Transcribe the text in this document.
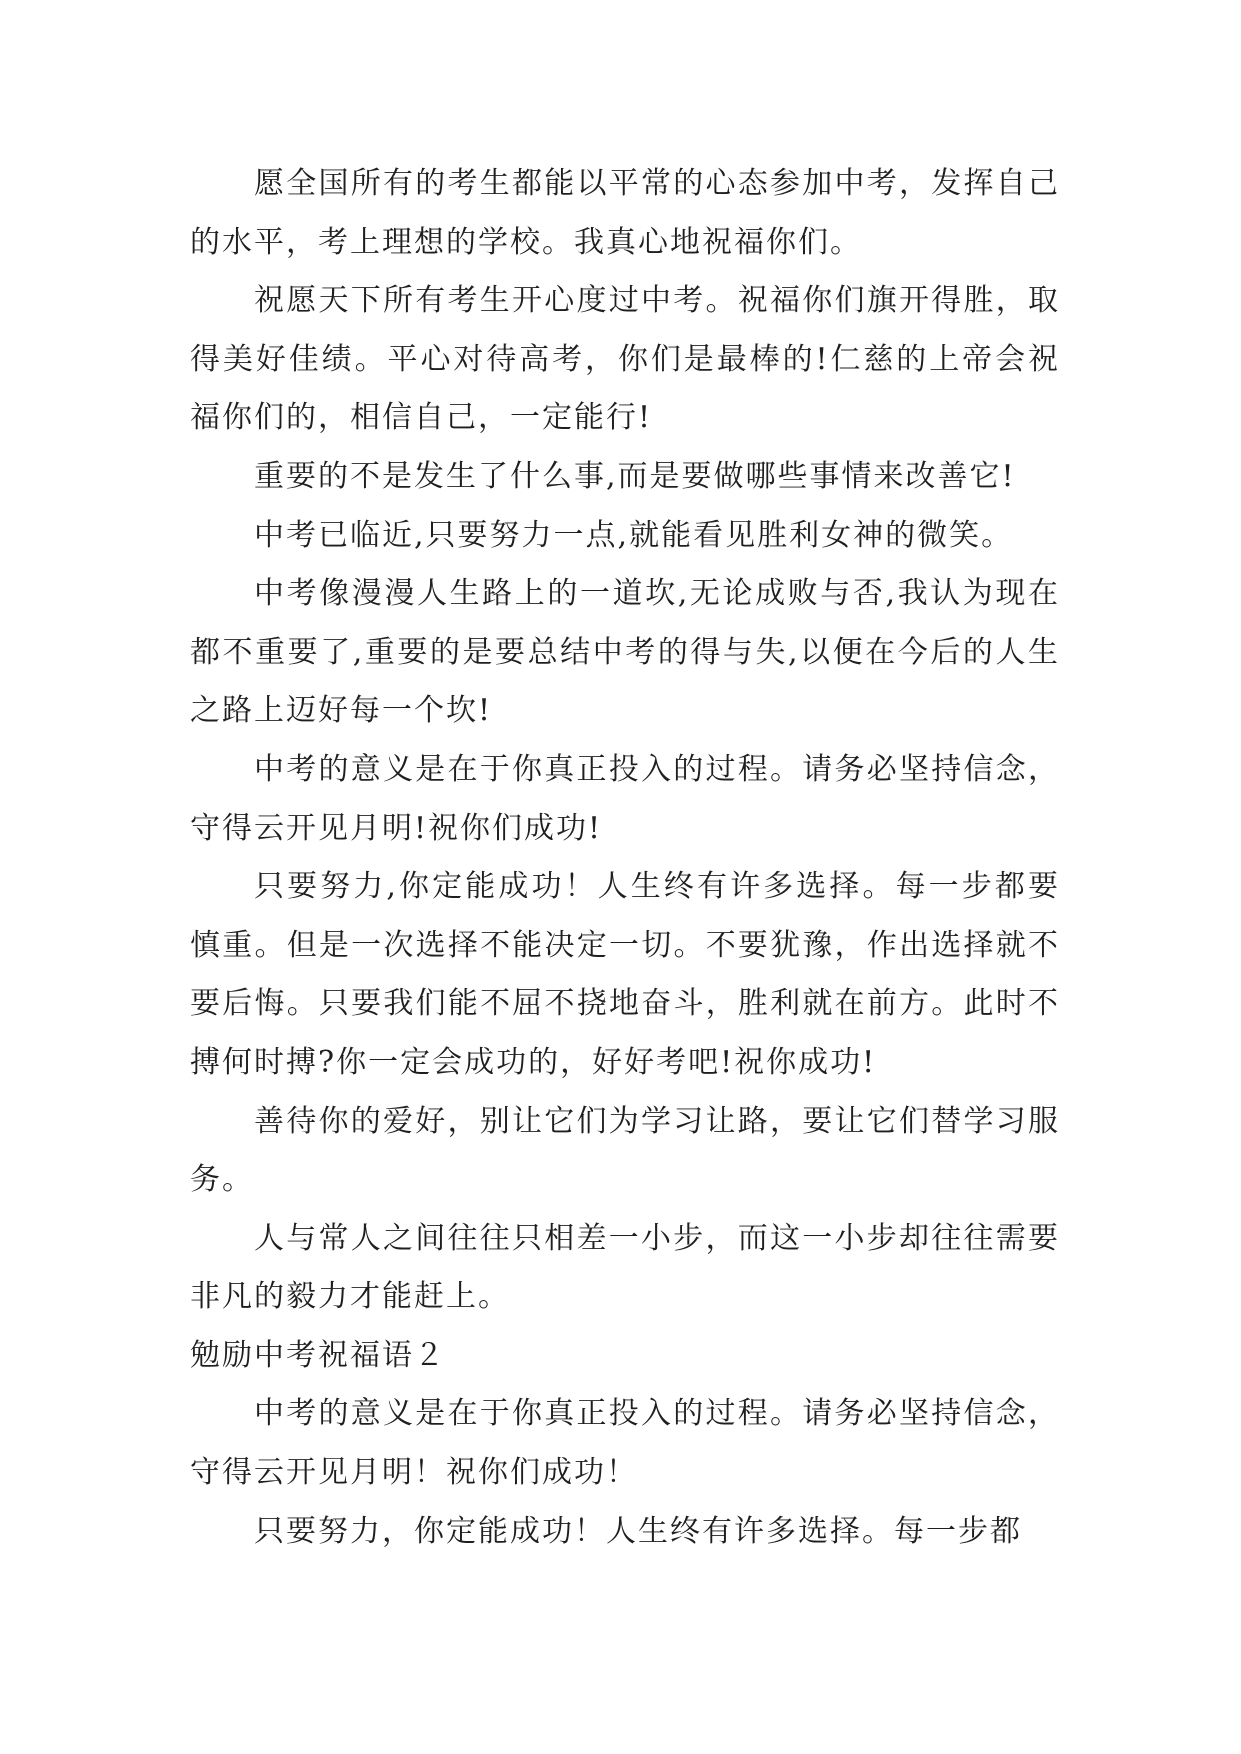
愿全国所有的考生都能以平常的心态参加中考，发挥自己的水平，考上理想的学校。我真心地祝福你们。

祝愿天下所有考生开心度过中考。祝福你们旗开得胜，取得美好佳绩。平心对待高考，你们是最棒的!仁慈的上帝会祝福你们的，相信自己，一定能行!

重要的不是发生了什么事,而是要做哪些事情来改善它!

中考已临近,只要努力一点,就能看见胜利女神的微笑。

中考像漫漫人生路上的一道坎,无论成败与否,我认为现在都不重要了,重要的是要总结中考的得与失,以便在今后的人生之路上迈好每一个坎!

中考的意义是在于你真正投入的过程。请务必坚持信念，守得云开见月明!祝你们成功!

只要努力,你定能成功！人生终有许多选择。每一步都要慎重。但是一次选择不能决定一切。不要犹豫，作出选择就不要后悔。只要我们能不屈不挠地奋斗，胜利就在前方。此时不搏何时搏?你一定会成功的，好好考吧!祝你成功!

善待你的爱好，别让它们为学习让路，要让它们替学习服务。

人与常人之间往往只相差一小步，而这一小步却往往需要非凡的毅力才能赶上。

勉励中考祝福语２

中考的意义是在于你真正投入的过程。请务必坚持信念，守得云开见月明！祝你们成功！

只要努力，你定能成功！人生终有许多选择。每一步都
